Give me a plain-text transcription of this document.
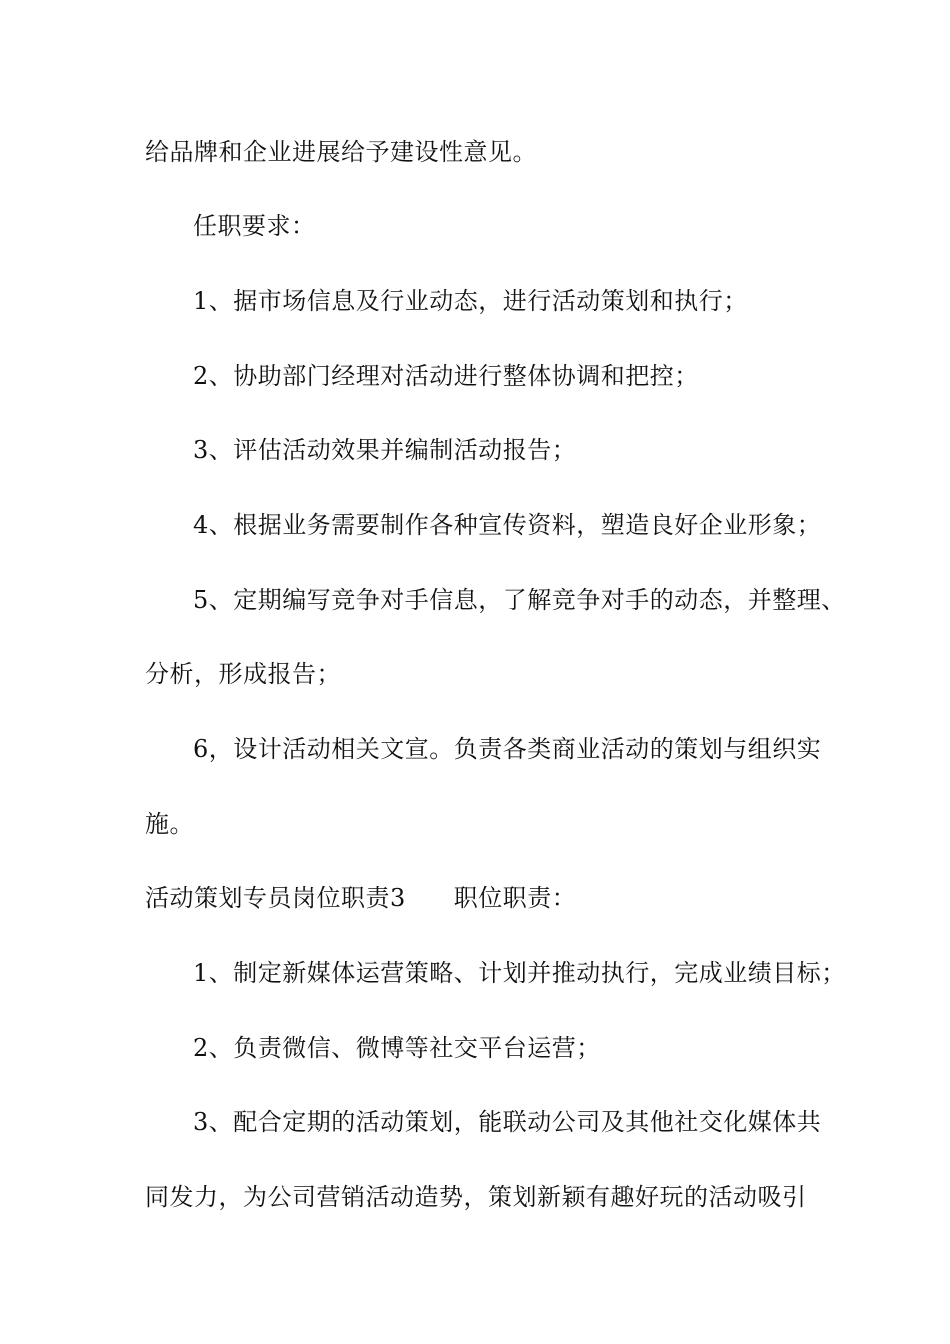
给品牌和企业进展给予建设性意见。
任职要求：
1、据市场信息及行业动态，进行活动策划和执行；
2、协助部门经理对活动进行整体协调和把控；
3、评估活动效果并编制活动报告；
4、根据业务需要制作各种宣传资料，塑造良好企业形象；
5、定期编写竞争对手信息，了解竞争对手的动态，并整理、
分析，形成报告；
6，设计活动相关文宣。负责各类商业活动的策划与组织实
施。
活动策划专员岗位职责3 职位职责：
1、制定新媒体运营策略、计划并推动执行，完成业绩目标；
2、负责微信、微博等社交平台运营；
3、配合定期的活动策划，能联动公司及其他社交化媒体共
同发力，为公司营销活动造势，策划新颖有趣好玩的活动吸引
